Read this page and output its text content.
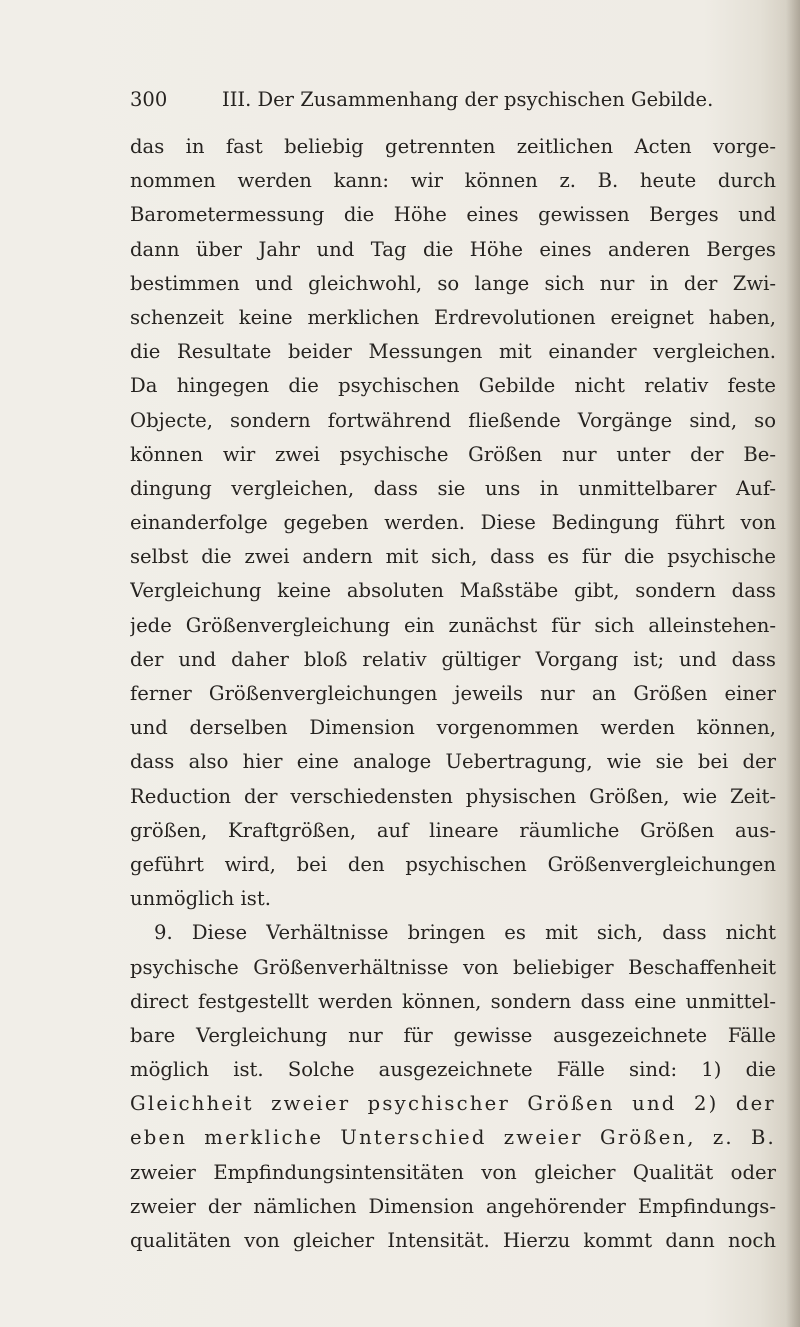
300	III. Der Zusammenhang der psychischen Gebilde.
das in fast beliebig getrennten zeitlichen Acten vorge-
nommen werden kann: wir können z. B. heute durch
Barometermessung die Höhe eines gewissen Berges und
dann über Jahr und Tag die Höhe eines anderen Berges
bestimmen und gleichwohl, so lange sich nur in der Zwi-
schenzeit keine merklichen Erdrevolutionen ereignet haben,
die Resultate beider Messungen mit einander vergleichen.
Da hingegen die psychischen Gebilde nicht relativ feste
Objecte, sondern fortwährend fließende Vorgänge sind, so
können wir zwei psychische Größen nur unter der Be-
dingung vergleichen, dass sie uns in unmittelbarer Auf-
einanderfolge gegeben werden. Diese Bedingung führt von
selbst die zwei andern mit sich, dass es für die psychische
Vergleichung keine absoluten Maßstäbe gibt, sondern dass
jede Größenvergleichung ein zunächst für sich alleinstehen-
der und daher bloß relativ gültiger Vorgang ist; und dass
ferner Größenvergleichungen jeweils nur an Größen einer
und derselben Dimension vorgenommen werden können,
dass also hier eine analoge Uebertragung, wie sie bei der
Reduction der verschiedensten physischen Größen, wie Zeit-
größen, Kraftgrößen, auf lineare räumliche Größen aus-
geführt wird, bei den psychischen Größenvergleichungen
unmöglich ist.
9. Diese Verhältnisse bringen es mit sich, dass nicht
psychische Größenverhältnisse von beliebiger Beschaffenheit
direct festgestellt werden können, sondern dass eine unmittel-
bare Vergleichung nur für gewisse ausgezeichnete Fälle
möglich ist. Solche ausgezeichnete Fälle sind: 1) die
Gleichheit zweier psychischer Größen und 2) der
eben merkliche Unterschied zweier Größen, z. B.
zweier Empfindungsintensitäten von gleicher Qualität oder
zweier der nämlichen Dimension angehörender Empfindungs-
qualitäten von gleicher Intensität. Hierzu kommt dann noch
